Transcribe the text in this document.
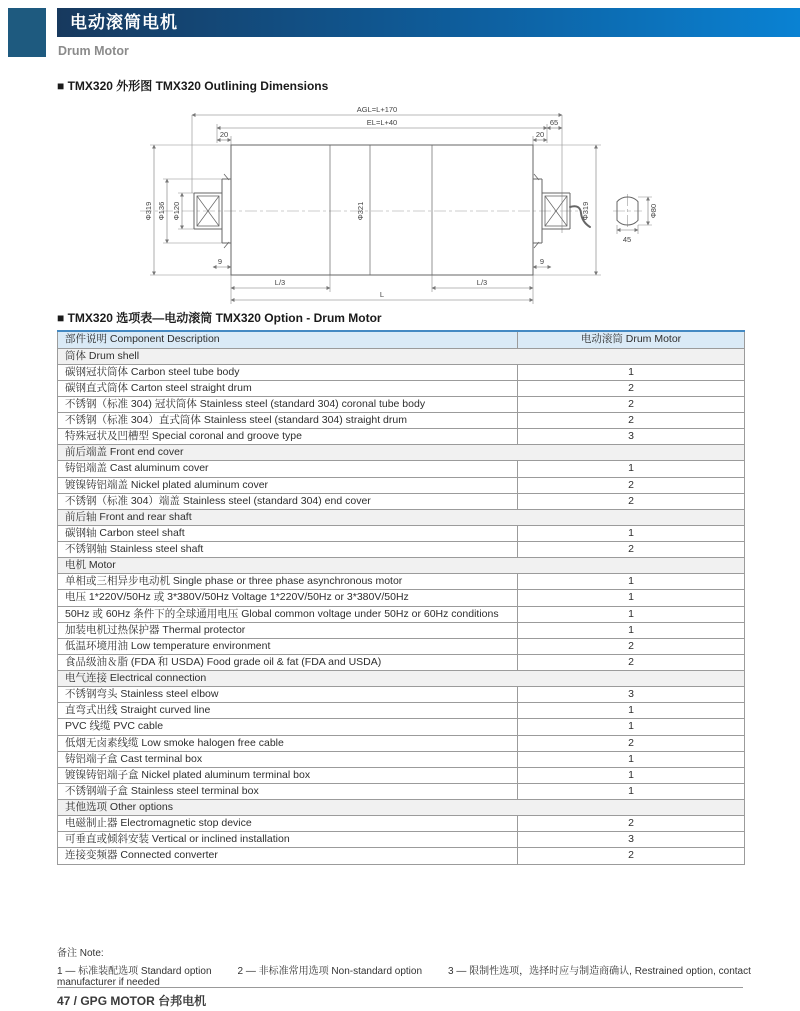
电动滚筒电机
Drum Motor
■ TMX320 外形图 TMX320 Outlining Dimensions
AGL=L+170
EL=L+40	65
20	20
9	9
L/3	L/3
L
45
Φ319 Φ136 Φ120	Φ321	Φ319	Φ80
■ TMX320 选项表—电动滚筒 TMX320 Option - Drum Motor
部件说明 Component Description	电动滚筒 Drum Motor
筒体 Drum shell	
碳钢冠状筒体 Carbon steel tube body	1
碳钢直式筒体 Carton steel straight drum	2
不锈钢（标准 304) 冠状筒体 Stainless steel (standard 304) coronal tube body	2
不锈钢（标准 304）直式筒体 Stainless steel (standard 304) straight drum	2
特殊冠状及凹槽型 Special coronal and groove type	3
前后端盖 Front end cover	
铸铝端盖 Cast aluminum cover	1
镀镍铸铝端盖 Nickel plated aluminum cover	2
不锈钢（标准 304）端盖 Stainless steel (standard 304) end cover	2
前后轴 Front and rear shaft	
碳钢轴 Carbon steel shaft	1
不锈钢轴 Stainless steel shaft	2
电机 Motor	
单相或三相异步电动机 Single phase or three phase asynchronous motor	1
电压 1*220V/50Hz 或 3*380V/50Hz Voltage 1*220V/50Hz or 3*380V/50Hz	1
50Hz 或 60Hz 条件下的全球通用电压 Global common voltage under 50Hz or 60Hz conditions	1
加装电机过热保护器 Thermal protector	1
低温环境用油 Low temperature environment	2
食品级油＆脂 (FDA 和 USDA) Food grade oil & fat (FDA and USDA)	2
电气连接 Electrical connection	
不锈钢弯头 Stainless steel elbow	3
直弯式出线 Straight curved line	1
PVC 线缆 PVC cable	1
低烟无卤素线缆 Low smoke halogen free cable	2
铸铝端子盒 Cast terminal box	1
镀镍铸铝端子盒 Nickel plated aluminum terminal box	1
不锈钢端子盒 Stainless steel terminal box	1
其他选项 Other options	
电磁制止器 Electromagnetic stop device	2
可垂直或倾斜安装 Vertical or inclined installation	3
连接变频器 Connected converter	2
备注 Note:
1 — 标准装配选项 Standard option	2 — 非标准常用选项 Non-standard option	3 — 限制性选项，选择时应与制造商确认, Restrained option, contact manufacturer if needed
47 / GPG MOTOR 台邦电机
